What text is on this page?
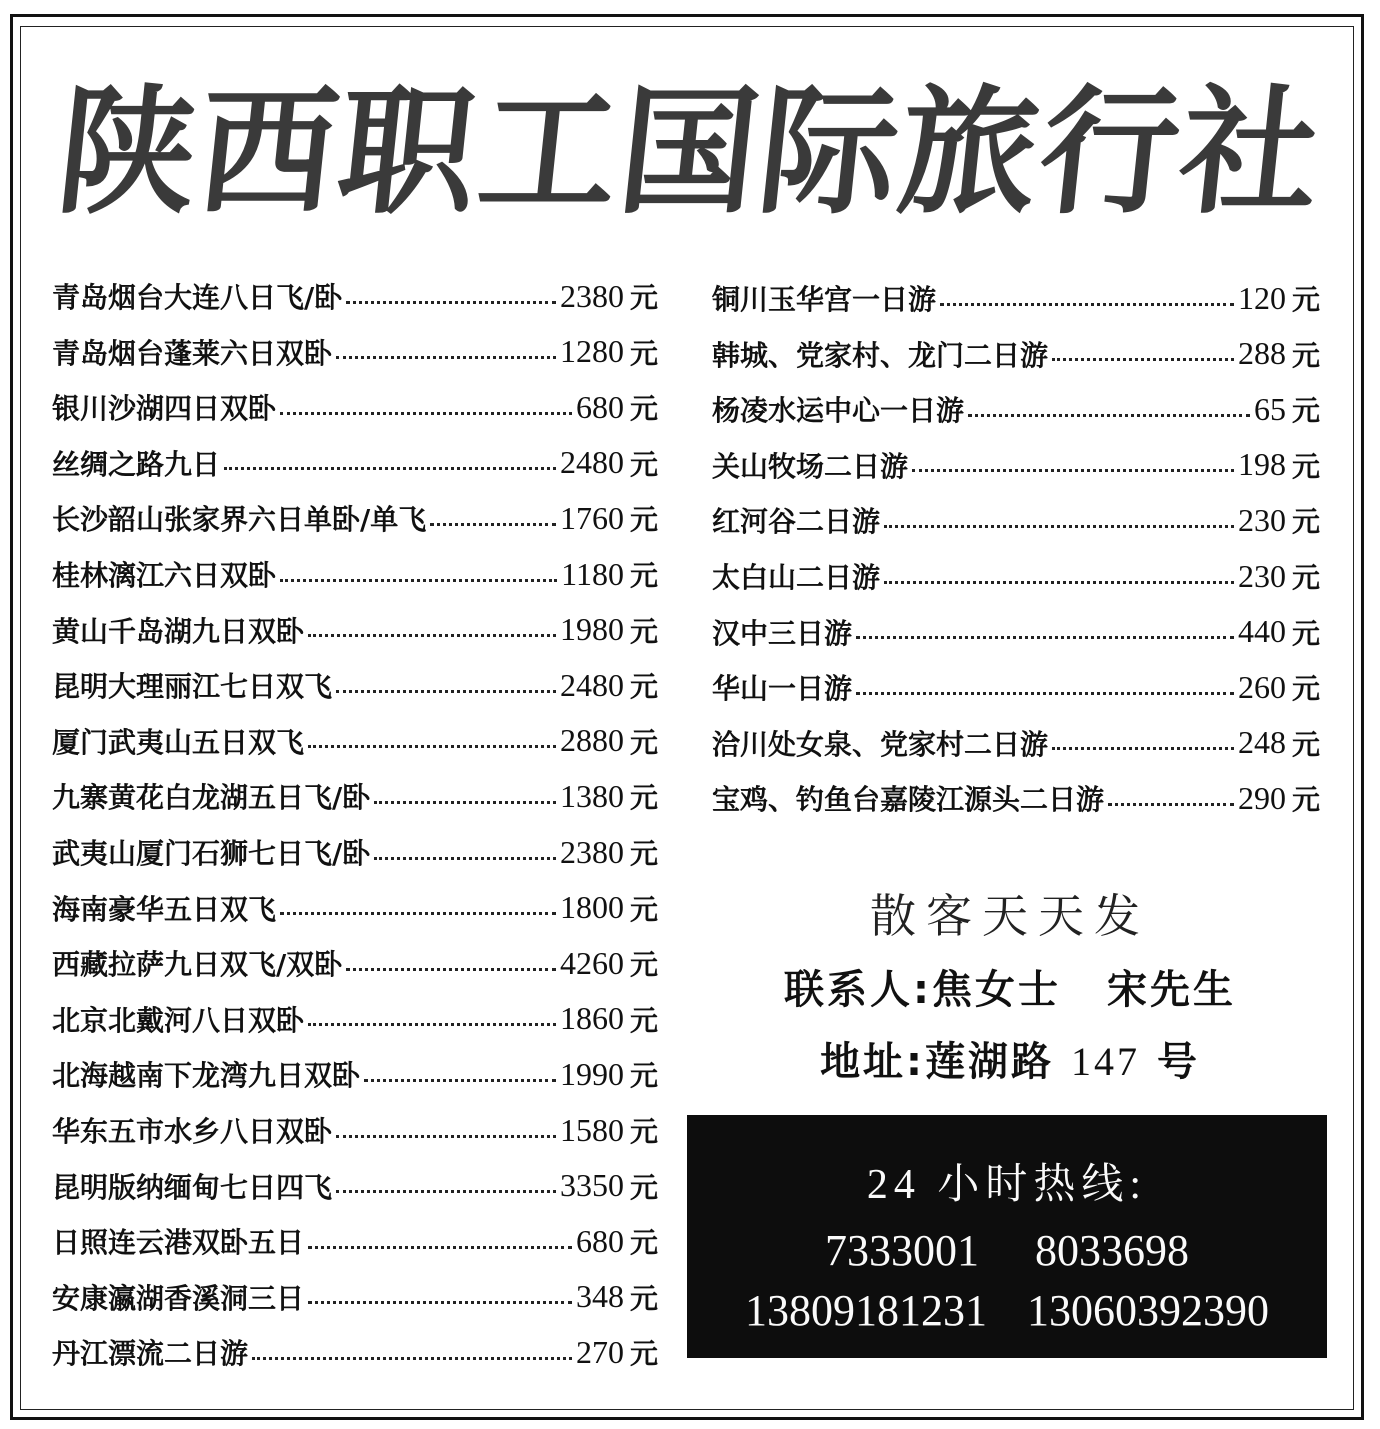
陕
西
职
工
国
际
旅
行
社
青岛烟台大连八日飞/卧	2380 元
青岛烟台蓬莱六日双卧	1280 元
银川沙湖四日双卧	680 元
丝绸之路九日	2480 元
长沙韶山张家界六日单卧/单飞	1760 元
桂林漓江六日双卧	1180 元
黄山千岛湖九日双卧	1980 元
昆明大理丽江七日双飞	2480 元
厦门武夷山五日双飞	2880 元
九寨黄花白龙湖五日飞/卧	1380 元
武夷山厦门石狮七日飞/卧	2380 元
海南豪华五日双飞	1800 元
西藏拉萨九日双飞/双卧	4260 元
北京北戴河八日双卧	1860 元
北海越南下龙湾九日双卧	1990 元
华东五市水乡八日双卧	1580 元
昆明版纳缅甸七日四飞	3350 元
日照连云港双卧五日	680 元
安康瀛湖香溪洞三日	348 元
丹江漂流二日游	270 元
铜川玉华宫一日游	120 元
韩城、党家村、龙门二日游	288 元
杨凌水运中心一日游	65 元
关山牧场二日游	198 元
红河谷二日游	230 元
太白山二日游	230 元
汉中三日游	440 元
华山一日游	260 元
洽川处女泉、党家村二日游	248 元
宝鸡、钓鱼台嘉陵江源头二日游	290 元
散客天天发
联系人:焦女士 宋先生
地址:莲湖路 147 号
24 小时热线:
7333001 8033698
13809181231 13060392390
